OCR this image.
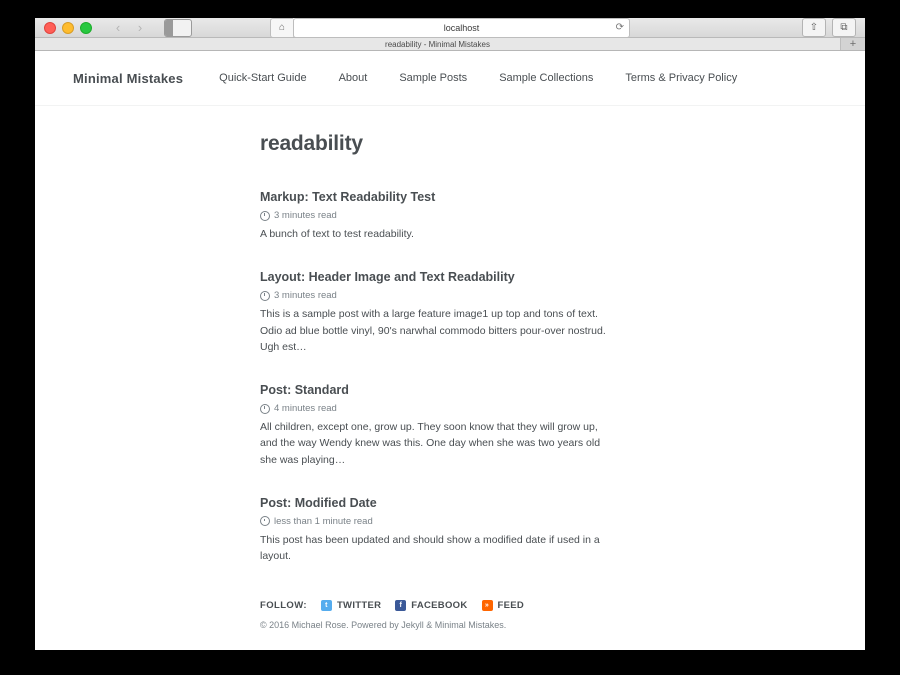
‹	›	⌂	localhost	⟳	⇧	⧉
readability - Minimal Mistakes	+
Minimal Mistakes	Quick-Start Guide	About	Sample Posts	Sample Collections	Terms & Privacy Policy
readability
Markup: Text Readability Test
3 minutes read

A bunch of text to test readability.

Layout: Header Image and Text Readability
3 minutes read

This is a sample post with a large feature image1 up top and tons of text. Odio ad blue bottle vinyl, 90's narwhal commodo bitters pour-over nostrud. Ugh est…

Post: Standard
4 minutes read

All children, except one, grow up. They soon know that they will grow up, and the way Wendy knew was this. One day when she was two years old she was playing…

Post: Modified Date
less than 1 minute read

This post has been updated and should show a modified date if used in a layout.

FOLLOW:	t TWITTER	f FACEBOOK	» FEED
© 2016 Michael Rose. Powered by Jekyll & Minimal Mistakes.
